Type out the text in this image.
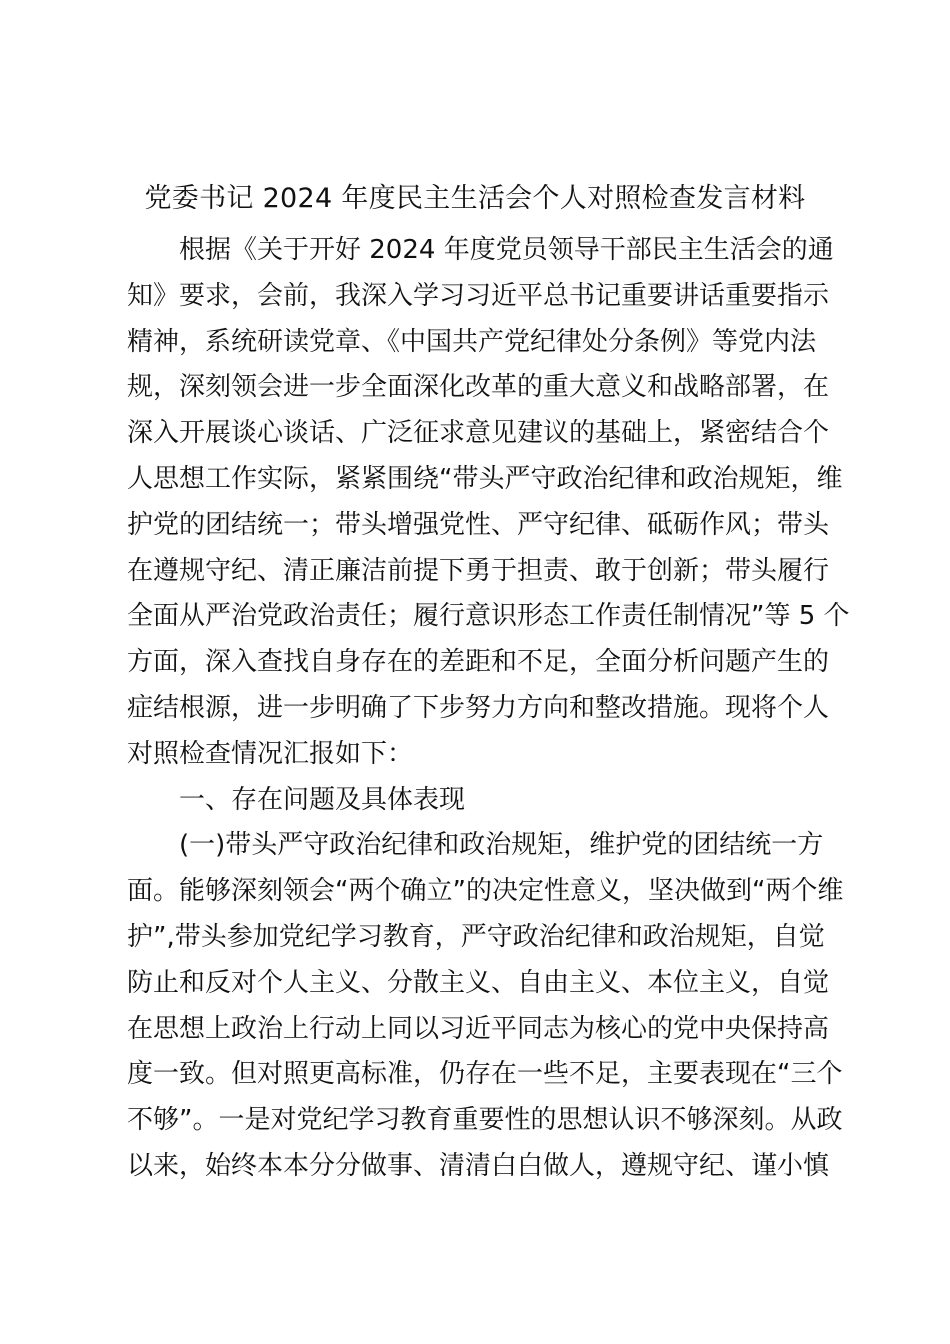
党委书记 2024 年度民主生活会个人对照检查发言材料
根据《关于开好 2024 年度党员领导干部民主生活会的通
知》要求，会前，我深入学习习近平总书记重要讲话重要指示
精神，系统研读党章、《中国共产党纪律处分条例》等党内法
规，深刻领会进一步全面深化改革的重大意义和战略部署，在
深入开展谈心谈话、广泛征求意见建议的基础上，紧密结合个
人思想工作实际，紧紧围绕“带头严守政治纪律和政治规矩，维
护党的团结统一；带头增强党性、严守纪律、砥砺作风；带头
在遵规守纪、清正廉洁前提下勇于担责、敢于创新；带头履行
全面从严治党政治责任；履行意识形态工作责任制情况”等 5 个
方面，深入查找自身存在的差距和不足，全面分析问题产生的
症结根源，进一步明确了下步努力方向和整改措施。现将个人
对照检查情况汇报如下：
一、存在问题及具体表现
(一)带头严守政治纪律和政治规矩，维护党的团结统一方
面。能够深刻领会“两个确立”的决定性意义，坚决做到“两个维
护”,带头参加党纪学习教育，严守政治纪律和政治规矩，自觉
防止和反对个人主义、分散主义、自由主义、本位主义，自觉
在思想上政治上行动上同以习近平同志为核心的党中央保持高
度一致。但对照更高标准，仍存在一些不足，主要表现在“三个
不够”。一是对党纪学习教育重要性的思想认识不够深刻。从政
以来，始终本本分分做事、清清白白做人，遵规守纪、谨小慎
